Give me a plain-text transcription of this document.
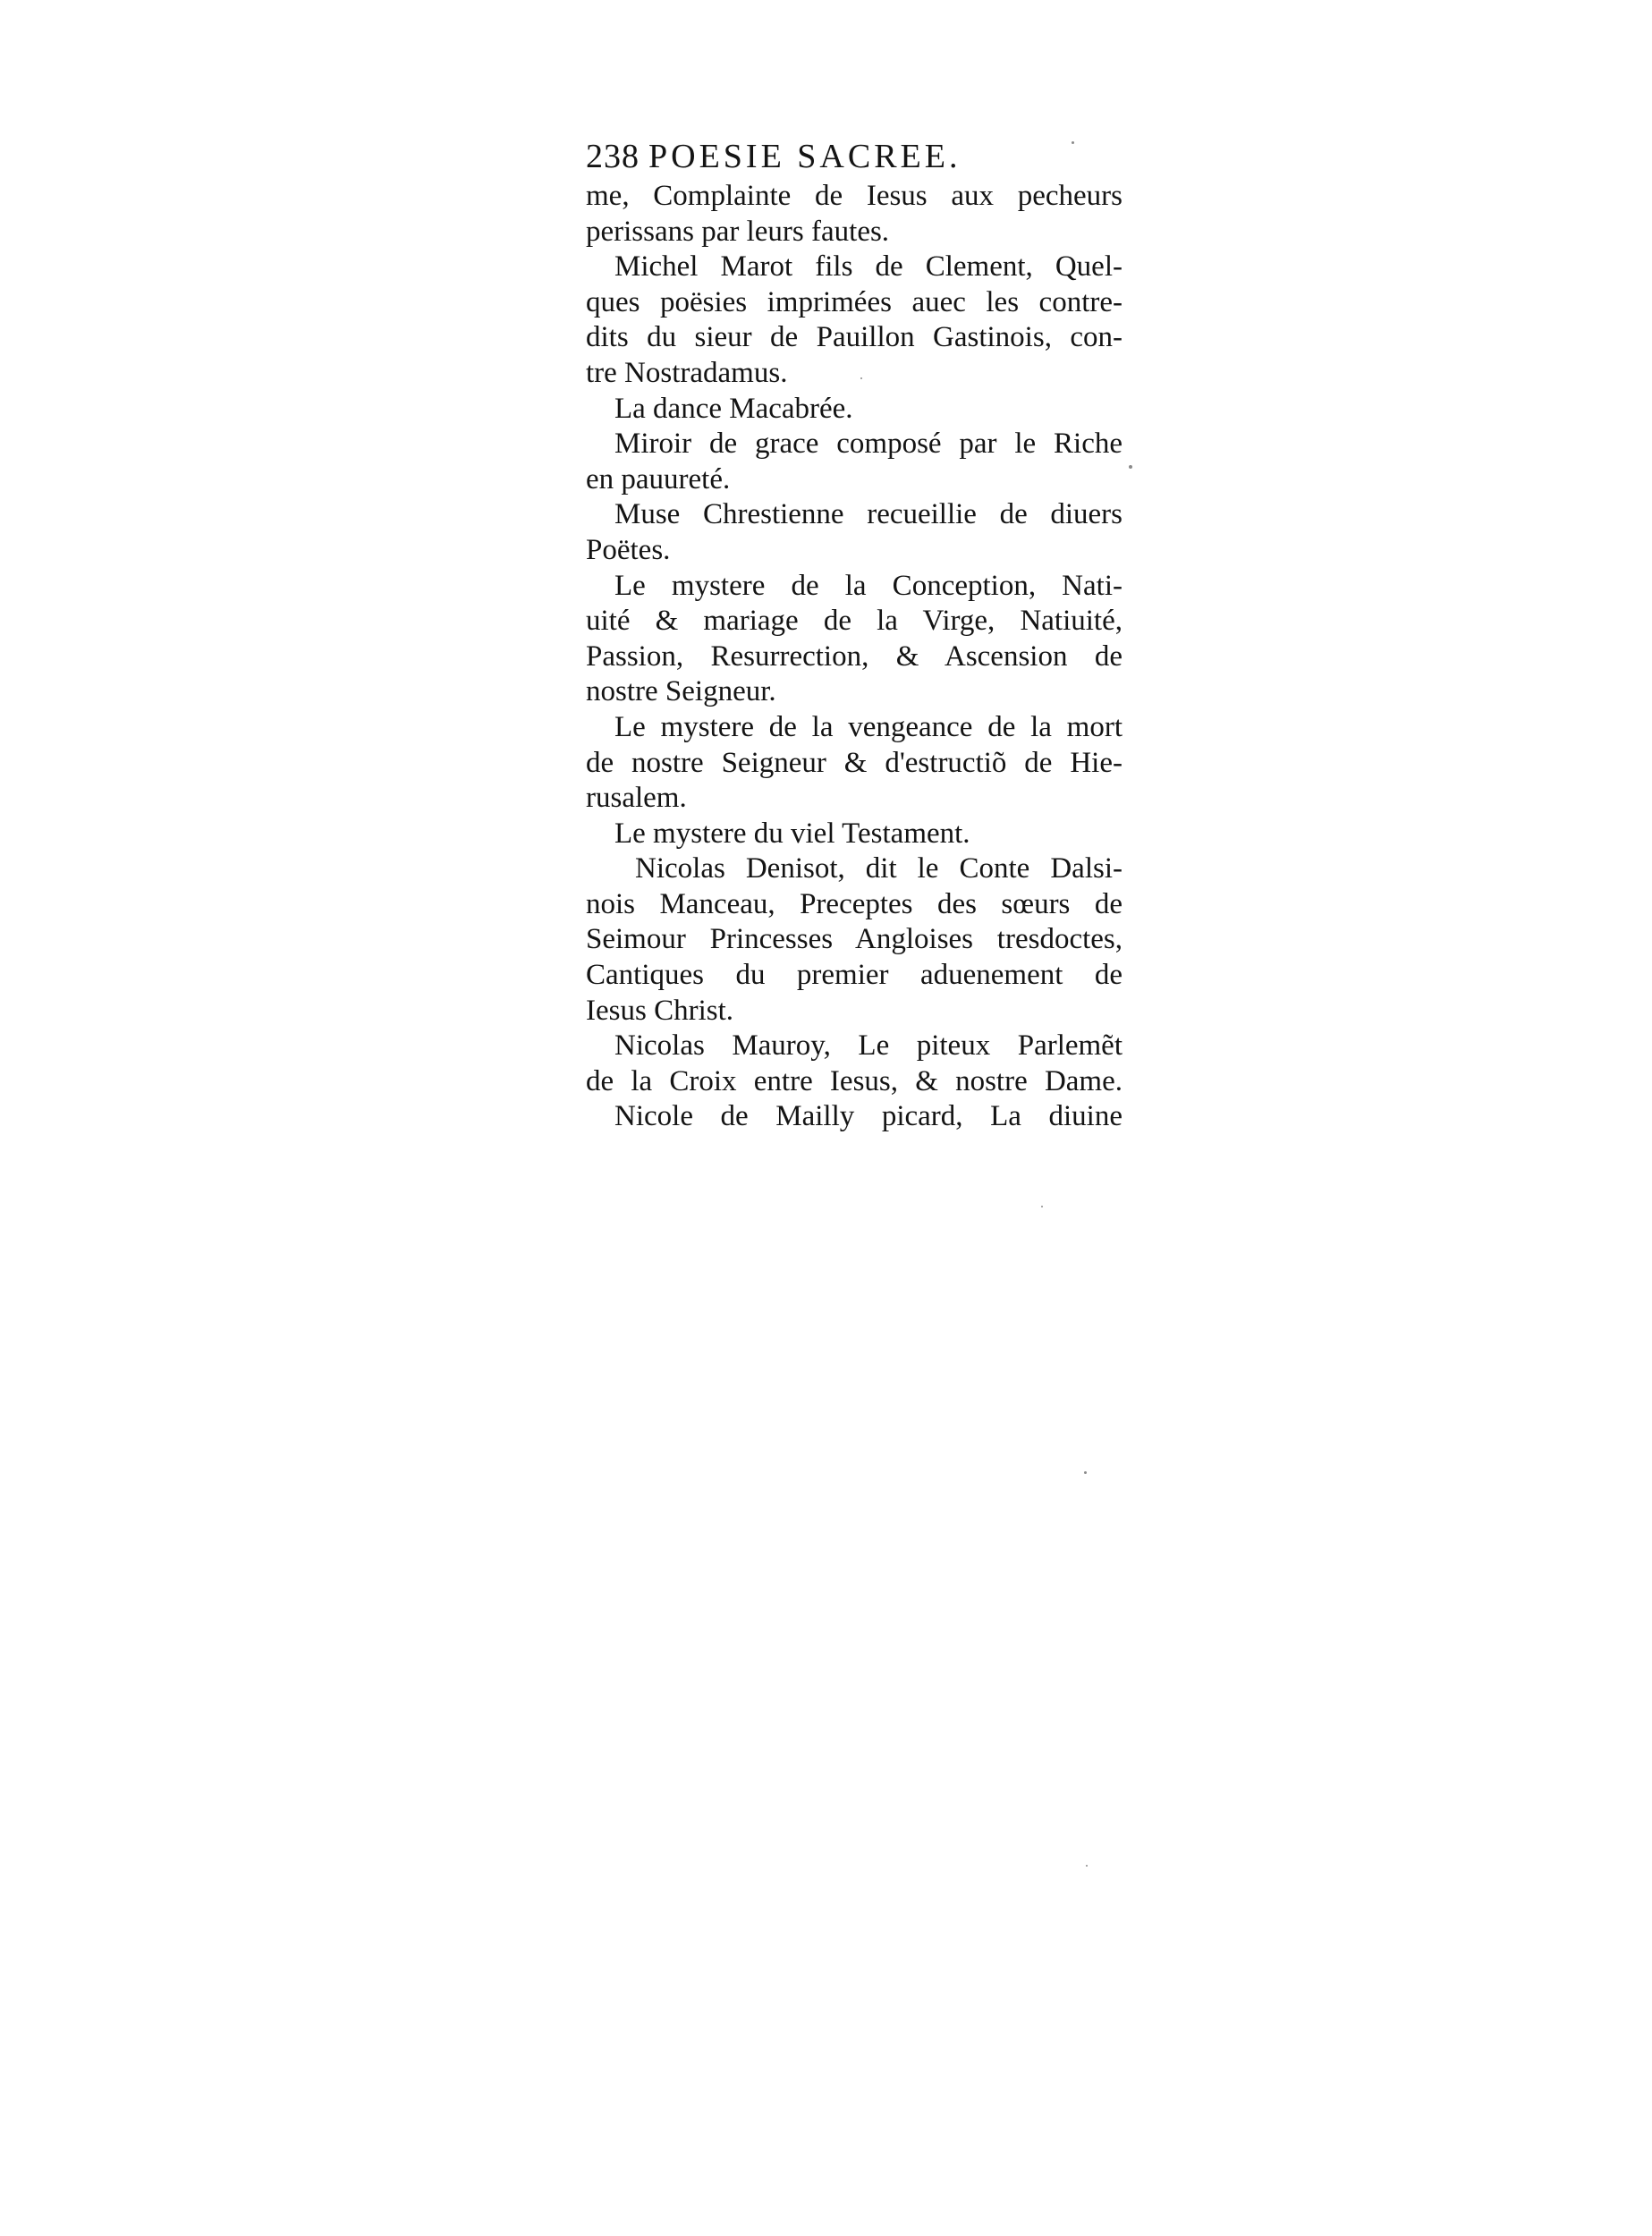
238 POESIE SACREE.
me, Complainte de Iesus aux pecheurs
perissans par leurs fautes.
Michel Marot fils de Clement, Quel-
ques poësies imprimées auec les contre-
dits du sieur de Pauillon Gastinois, con-
tre Nostradamus.
La dance Macabrée.
Miroir de grace composé par le Riche
en pauureté.
Muse Chrestienne recueillie de diuers
Poëtes.
Le mystere de la Conception, Nati-
uité & mariage de la Virge, Natiuité,
Passion, Resurrection, & Ascension de
nostre Seigneur.
Le mystere de la vengeance de la mort
de nostre Seigneur & d'estructiõ de Hie-
rusalem.
Le mystere du viel Testament.
Nicolas Denisot, dit le Conte Dalsi-
nois Manceau, Preceptes des sœurs de
Seimour Princesses Angloises tresdoctes,
Cantiques du premier aduenement de
Iesus Christ.
Nicolas Mauroy, Le piteux Parlemẽt
de la Croix entre Iesus, & nostre Dame.
Nicole de Mailly picard, La diuine
